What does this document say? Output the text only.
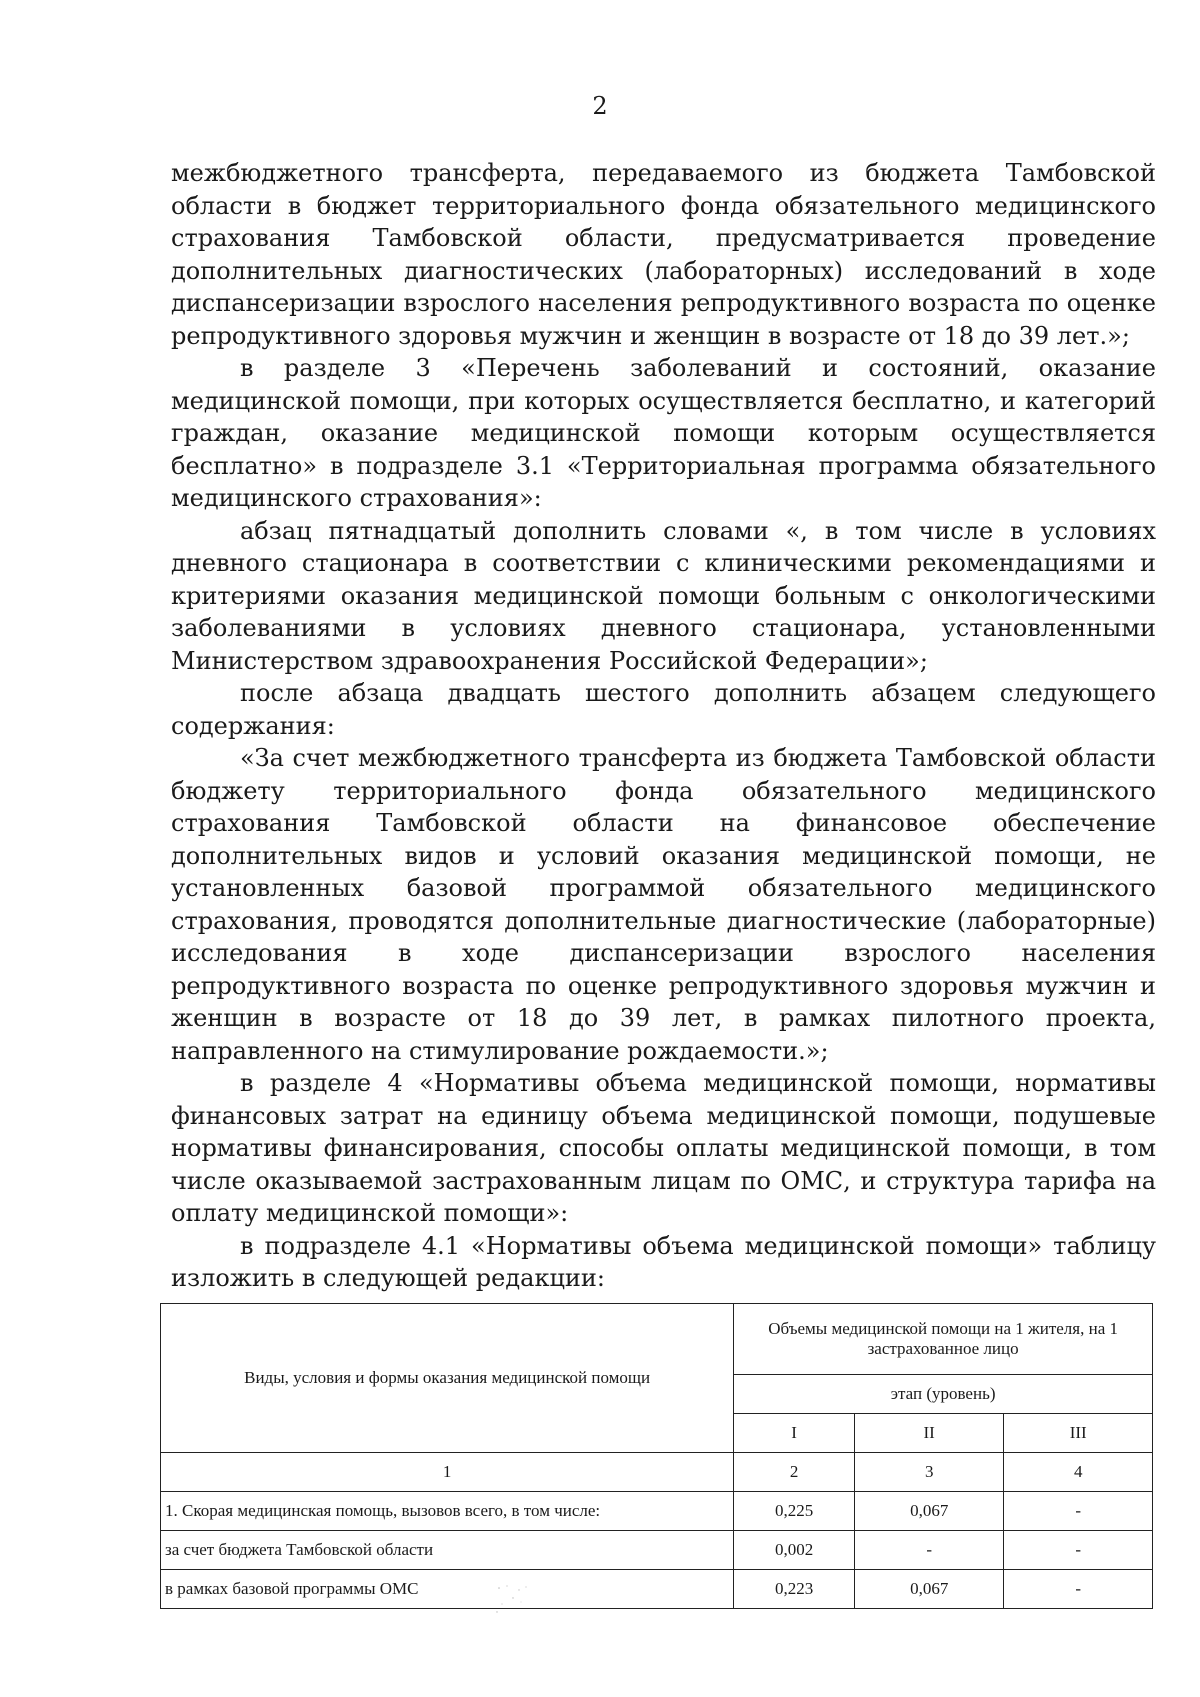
2

межбюджетного трансферта, передаваемого из бюджета Тамбовской области в бюджет территориального фонда обязательного медицинского страхования Тамбовской области, предусматривается проведение дополнительных диагностических (лабораторных) исследований в ходе диспансеризации взрослого населения репродуктивного возраста по оценке репродуктивного здоровья мужчин и женщин в возрасте от 18 до 39 лет.»;

в разделе 3 «Перечень заболеваний и состояний, оказание медицинской помощи, при которых осуществляется бесплатно, и категорий граждан, оказание медицинской помощи которым осуществляется бесплатно» в подразделе 3.1 «Территориальная программа обязательного медицинского страхования»:

абзац пятнадцатый дополнить словами «, в том числе в условиях дневного стационара в соответствии с клиническими рекомендациями и критериями оказания медицинской помощи больным с онкологическими заболеваниями в условиях дневного стационара, установленными Министерством здравоохранения Российской Федерации»;

после абзаца двадцать шестого дополнить абзацем следующего содержания:

«За счет межбюджетного трансферта из бюджета Тамбовской области бюджету территориального фонда обязательного медицинского страхования Тамбовской области на финансовое обеспечение дополнительных видов и условий оказания медицинской помощи, не установленных базовой программой обязательного медицинского страхования, проводятся дополнительные диагностические (лабораторные) исследования в ходе диспансеризации взрослого населения репродуктивного возраста по оценке репродуктивного здоровья мужчин и женщин в возрасте от 18 до 39 лет, в рамках пилотного проекта, направленного на стимулирование рождаемости.»;

в разделе 4 «Нормативы объема медицинской помощи, нормативы финансовых затрат на единицу объема медицинской помощи, подушевые нормативы финансирования, способы оплаты медицинской помощи, в том числе оказываемой застрахованным лицам по ОМС, и структура тарифа на оплату медицинской помощи»:

в подразделе 4.1 «Нормативы объема медицинской помощи» таблицу изложить в следующей редакции:

Виды, условия и формы оказания медицинской помощи	Объемы медицинской помощи на 1 жителя, на 1 застрахованное лицо		
	этап (уровень)		
	I	II	III
1	2	3	4
1. Скорая медицинская помощь, вызовов всего, в том числе:	0,225	0,067	-
за счет бюджета Тамбовской области	0,002	-	-
в рамках базовой программы ОМС	0,223	0,067	-
